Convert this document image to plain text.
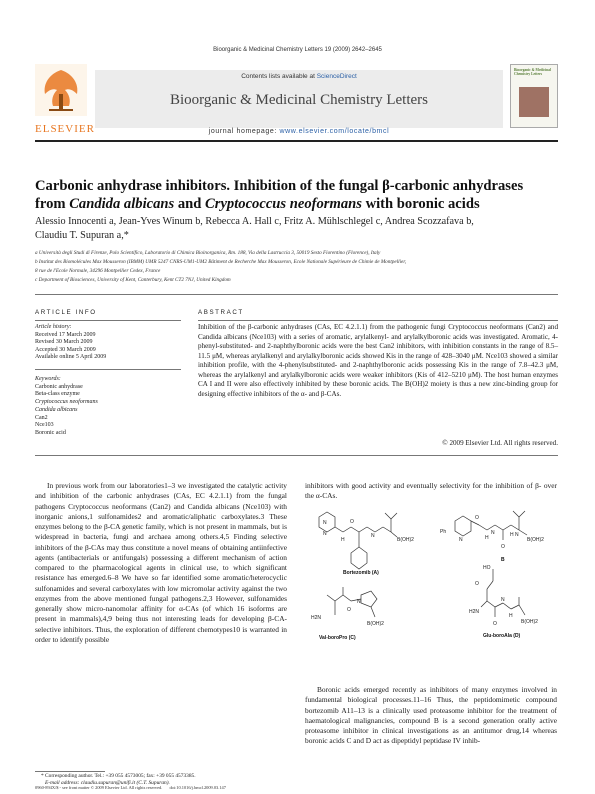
Bioorganic & Medicinal Chemistry Letters 19 (2009) 2642–2645
ELSEVIER
Contents lists available at ScienceDirect
Bioorganic & Medicinal Chemistry Letters
journal homepage: www.elsevier.com/locate/bmcl
Bioorganic & Medicinal Chemistry Letters
Carbonic anhydrase inhibitors. Inhibition of the fungal β-carbonic anhydrases
from Candida albicans and Cryptococcus neoformans with boronic acids
Alessio Innocenti a, Jean-Yves Winum b, Rebecca A. Hall c, Fritz A. Mühlschlegel c, Andrea Scozzafava b,
Claudiu T. Supuran a,*
a Università degli Studi di Firenze, Polo Scientifico, Laboratorio di Chimica Bioinorganica, Rm. 188, Via della Lastruccia 3, 50019 Sesto Fiorentino (Florence), Italy
b Institut des Biomolécules Max Mousseron (IBMM) UMR 5247 CNRS-UM1-UM2 Bâtiment de Recherche Max Mousseron, Ecole Nationale Supérieure de Chimie de Montpellier,
8 rue de l'Ecole Normale, 34296 Montpellier Cedex, France
c Department of Biosciences, University of Kent, Canterbury, Kent CT2 7NJ, United Kingdom
ARTICLE INFO
Article history:
Received 17 March 2009
Revised 30 March 2009
Accepted 30 March 2009
Available online 5 April 2009
Keywords:
Carbonic anhydrase
Beta-class enzyme
Cryptococcus neoformans
Candida albicans
Can2
Nce103
Boronic acid
ABSTRACT

Inhibition of the β-carbonic anhydrases (CAs, EC 4.2.1.1) from the pathogenic fungi Cryptococcus neoformans (Can2) and Candida albicans (Nce103) with a series of aromatic, arylalkenyl- and arylalkylboronic acids was investigated. Aromatic, 4-phenyl-substituted- and 2-naphthylboronic acids were the best Can2 inhibitors, with inhibition constants in the range of 8.5–11.5 μM, whereas arylalkenyl and arylalkylboronic acids showed Kis in the range of 428–3040 μM. Nce103 showed a similar inhibition profile, with the 4-phenylsubstituted- and 2-naphthylboronic acids possessing Kis in the range of 7.8–42.3 μM, whereas the arylalkenyl and arylalkylboronic acids were weaker inhibitors (Kis of 412–5210 μM). The host human enzymes CA I and II were also effectively inhibited by these boronic acids. The B(OH)2 moiety is thus a new zinc-binding group for designing effective inhibitors of the α- and β-CAs.

© 2009 Elsevier Ltd. All rights reserved.

In previous work from our laboratories1–3 we investigated the catalytic activity and inhibition of the carbonic anhydrases (CAs, EC 4.2.1.1) from the fungal pathogens Cryptococcus neoformans (Can2) and Candida albicans (Nce103) with inorganic anions,1 sulfonamides2 and aromatic/aliphatic carboxylates.3 These enzymes belong to the β-CA genetic family, which is not present in mammals, but is widespread in bacteria, fungi and archaea among others.4,5 Finding selective inhibitors of the β-CAs may thus constitute a novel means of obtaining antiinfective agents (antibacterials or antifungals) possessing a different mechanism of action compared to the pharmacological agents in clinical use, to which significant resistance has emerged.6–8 We have so far identified some aromatic/heterocyclic sulfonamides and several carboxylates with low micromolar activity against the two enzymes from the above mentioned fungal pathogens.2,3 However, sulfonamides generally show micro-nanomolar affinity for α-CAs (of which 16 isoforms are present in mammals),4,9 being thus not interesting leads for developing β-CA-selective inhibitors. Thus, the exploration of different chemotypes10 is warranted in order to identify possible

inhibitors with good activity and eventually selectivity for the inhibition of β- over the α-CAs.

N
N
O
H
N
B(OH)2
Ph
N
O
H
N
O
H N
B(OH)2
H2N
O
N
B(OH)2
HO
O
H2N
O
N
H
B(OH)2
Bortezomib (A)
B
Val-boroPro (C)	Glu-boroAla (D)

Boronic acids emerged recently as inhibitors of many enzymes involved in fundamental biological processes.11–16 Thus, the peptidomimetic compound bortezomib A11–13 is a clinically used proteasome inhibitor for the treatment of haematological malignancies, compound B is a second generation orally active proteasome inhibitor in clinical investigations as an antitumor drug,14 whereas boronic acids C and D act as dipeptidyl peptidase IV inhib-

* Corresponding author. Tel.: +39 055 4573005; fax: +39 055 4573385.
E-mail address: claudiu.supuran@unifi.it (C.T. Supuran).
0960-894X/$ - see front matter © 2009 Elsevier Ltd. All rights reserved. doi:10.1016/j.bmcl.2009.03.147
